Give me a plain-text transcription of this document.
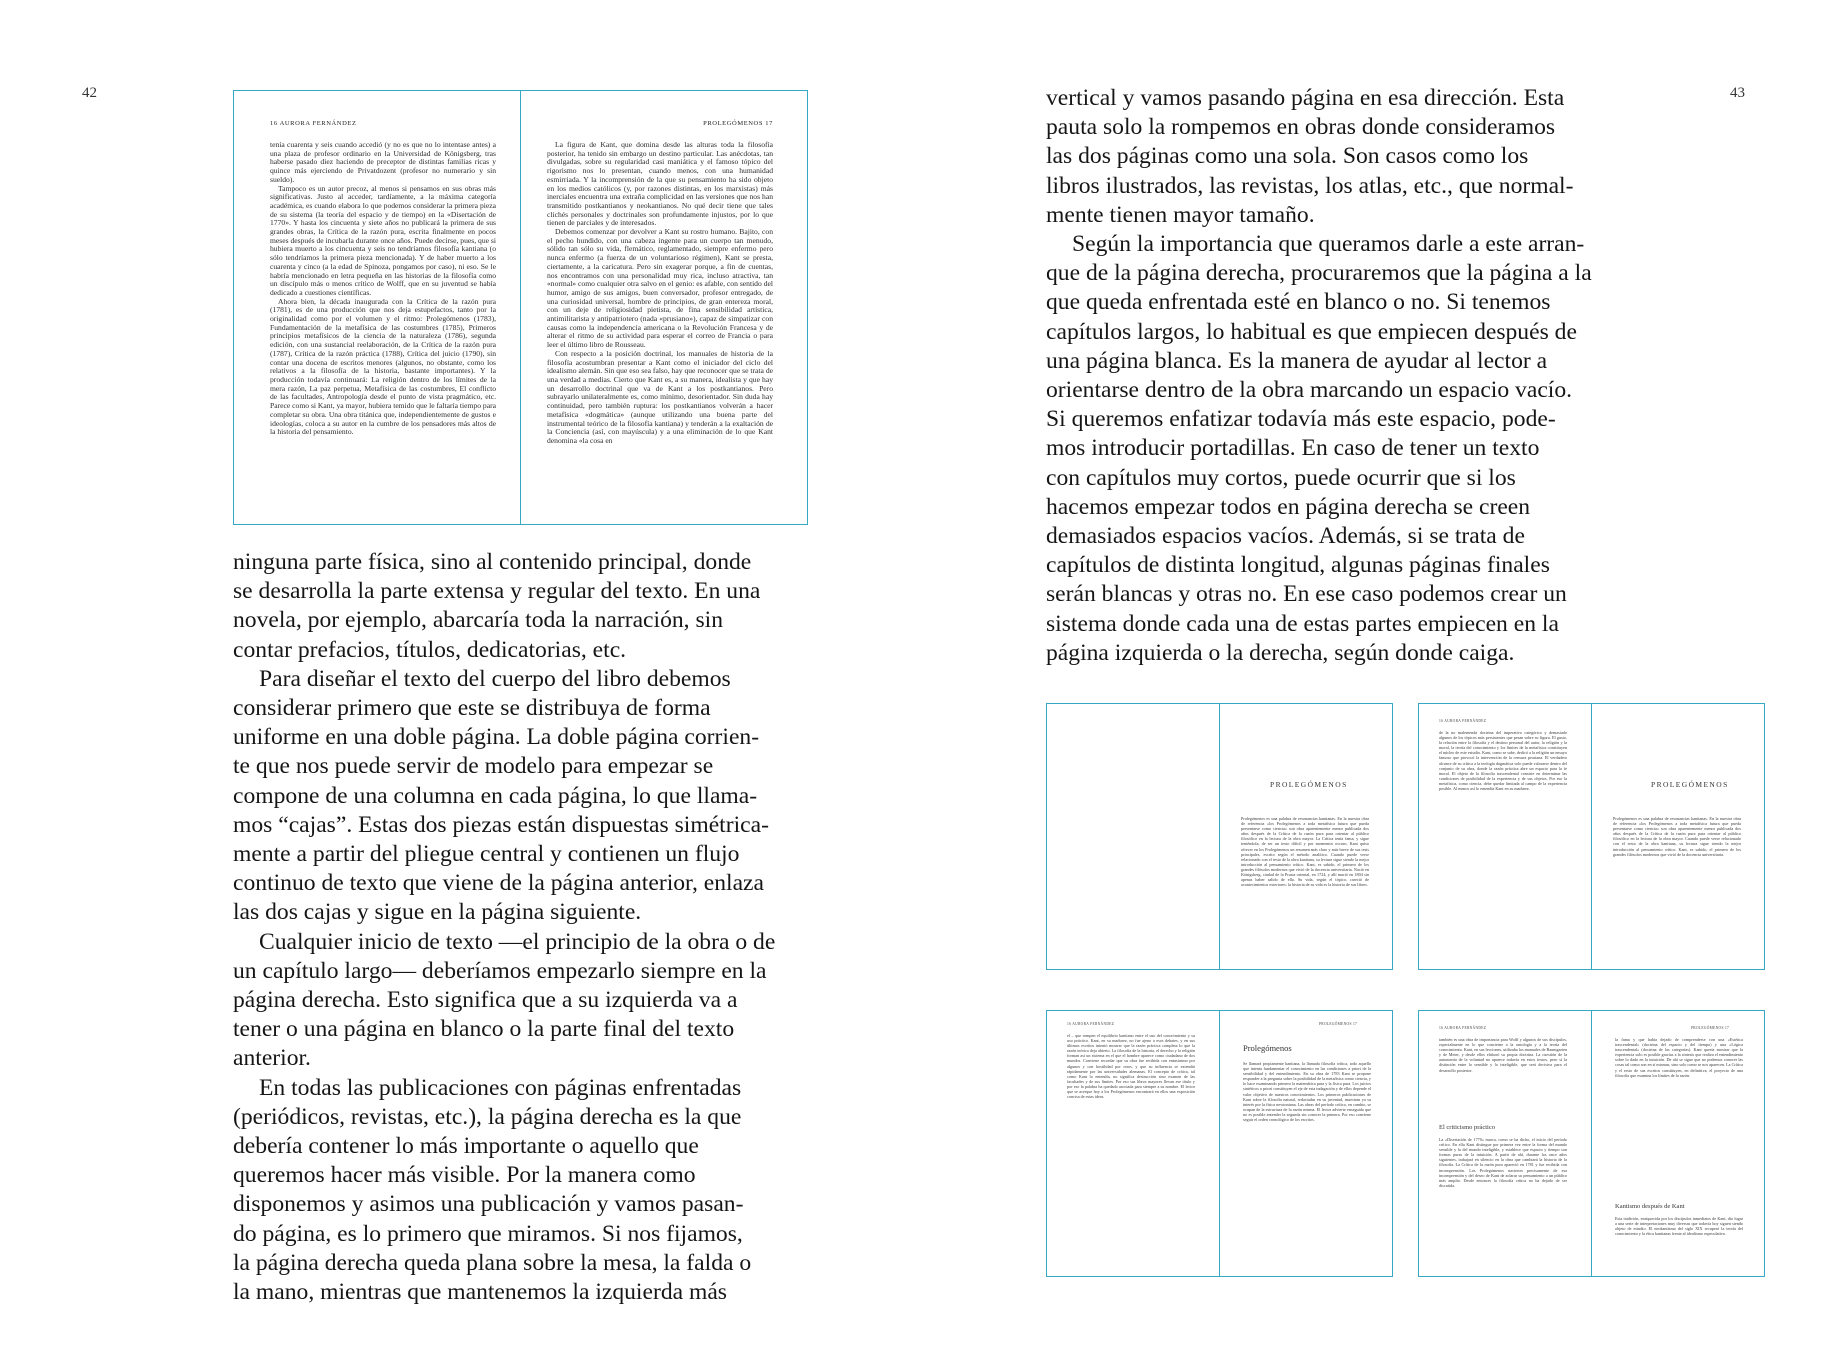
42	43
16 AURORA FERNÁNDEZ

tenía cuarenta y seis cuando accedió (y no es que no lo intentase antes) a una plaza de profesor ordinario en la Universidad de Königsberg, tras haberse pasado diez haciendo de preceptor de distintas familias ricas y quince más ejerciendo de Privatdozent (profesor no numerario y sin sueldo).

Tampoco es un autor precoz, al menos si pensamos en sus obras más significativas. Justo al acceder, tardíamente, a la máxima categoría académica, es cuando elabora lo que podemos considerar la primera pieza de su sistema (la teoría del espacio y de tiempo) en la «Disertación de 1770». Y hasta los cincuenta y siete años no publicará la primera de sus grandes obras, la Crítica de la razón pura, escrita finalmente en pocos meses después de incubarla durante once años. Puede decirse, pues, que si hubiera muerto a los cincuenta y seis no tendríamos filosofía kantiana (o sólo tendríamos la primera pieza mencionada). Y de haber muerto a los cuarenta y cinco (a la edad de Spinoza, pongamos por caso), ni eso. Se le habría mencionado en letra pequeña en las historias de la filosofía como un discípulo más o menos crítico de Wolff, que en su juventud se había dedicado a cuestiones científicas.

Ahora bien, la década inaugurada con la Crítica de la razón pura (1781), es de una producción que nos deja estupefactos, tanto por la originalidad como por el volumen y el ritmo: Prolegómenos (1783), Fundamentación de la metafísica de las costumbres (1785), Primeros principios metafísicos de la ciencia de la naturaleza (1786), segunda edición, con una sustancial reelaboración, de la Crítica de la razón pura (1787), Crítica de la razón práctica (1788), Crítica del juicio (1790), sin contar una docena de escritos menores (algunos, no obstante, como los relativos a la filosofía de la historia, bastante importantes). Y la producción todavía continuará: La religión dentro de los límites de la mera razón, La paz perpetua, Metafísica de las costumbres, El conflicto de las facultades, Antropología desde el punto de vista pragmático, etc. Parece como si Kant, ya mayor, hubiera temido que le faltaría tiempo para completar su obra. Una obra titánica que, independientemente de gustos e ideologías, coloca a su autor en la cumbre de los pensadores más altos de la historia del pensamiento.

PROLEGÓMENOS 17

La figura de Kant, que domina desde las alturas toda la filosofía posterior, ha tenido sin embargo un destino particular. Las anécdotas, tan divulgadas, sobre su regularidad casi maniática y el famoso tópico del rigorismo nos lo presentan, cuando menos, con una humanidad esmirriada. Y la incomprensión de la que su pensamiento ha sido objeto en los medios católicos (y, por razones distintas, en los marxistas) más inerciales encuentra una extraña complicidad en las versiones que nos han transmitido postkantianos y neokantianos. No qué decir tiene que tales clichés personales y doctrinales son profundamente injustos, por lo que tienen de parciales y de interesados.

Debemos comenzar por devolver a Kant su rostro humano. Bajito, con el pecho hundido, con una cabeza ingente para un cuerpo tan menudo, sólido tan sólo su vida, flemático, reglamentado, siempre enfermo pero nunca enfermo (a fuerza de un voluntarioso régimen), Kant se presta, ciertamente, a la caricatura. Pero sin exagerar porque, a fin de cuentas, nos encontramos con una personalidad muy rica, incluso atractiva, tan «normal» como cualquier otra salvo en el genio: es afable, con sentido del humor, amigo de sus amigos, buen conversador, profesor entregado, de una curiosidad universal, hombre de principios, de gran entereza moral, con un deje de religiosidad pietista, de fina sensibilidad artística, antimilitarista y antipatriotero (nada «prusiano»), capaz de simpatizar con causas como la independencia americana o la Revolución Francesa y de alterar el ritmo de su actividad para esperar el correo de Francia o para leer el último libro de Rousseau.

Con respecto a la posición doctrinal, los manuales de historia de la filosofía acostumbran presentar a Kant como el iniciador del ciclo del idealismo alemán. Sin que eso sea falso, hay que reconocer que se trata de una verdad a medias. Cierto que Kant es, a su manera, idealista y que hay un desarrollo doctrinal que va de Kant a los postkantianos. Pero subrayarlo unilateralmente es, como mínimo, desorientador. Sin duda hay continuidad, pero también ruptura: los postkantianos volverán a hacer metafísica «dogmática» (aunque utilizando una buena parte del instrumental teórico de la filosofía kantiana) y tenderán a la exaltación de la Conciencia (así, con mayúscula) y a una eliminación de lo que Kant denomina «la cosa en

ninguna parte física, sino al contenido principal, donde

se desarrolla la parte extensa y regular del texto. En una

novela, por ejemplo, abarcaría toda la narración, sin

contar prefacios, títulos, dedicatorias, etc.

Para diseñar el texto del cuerpo del libro debemos

considerar primero que este se distribuya de forma

uniforme en una doble página. La doble página corrien-

te que nos puede servir de modelo para empezar se

compone de una columna en cada página, lo que llama-

mos “cajas”. Estas dos piezas están dispuestas simétrica-

mente a partir del pliegue central y contienen un flujo

continuo de texto que viene de la página anterior, enlaza

las dos cajas y sigue en la página siguiente.

Cualquier inicio de texto —el principio de la obra o de

un capítulo largo— deberíamos empezarlo siempre en la

página derecha. Esto significa que a su izquierda va a

tener o una página en blanco o la parte final del texto

anterior.

En todas las publicaciones con páginas enfrentadas

(periódicos, revistas, etc.), la página derecha es la que

debería contener lo más importante o aquello que

queremos hacer más visible. Por la manera como

disponemos y asimos una publicación y vamos pasan-

do página, es lo primero que miramos. Si nos fijamos,

la página derecha queda plana sobre la mesa, la falda o

la mano, mientras que mantenemos la izquierda más

vertical y vamos pasando página en esa dirección. Esta

pauta solo la rompemos en obras donde consideramos

las dos páginas como una sola. Son casos como los

libros ilustrados, las revistas, los atlas, etc., que normal-

mente tienen mayor tamaño.

Según la importancia que queramos darle a este arran-

que de la página derecha, procuraremos que la página a la

que queda enfrentada esté en blanco o no. Si tenemos

capítulos largos, lo habitual es que empiecen después de

una página blanca. Es la manera de ayudar al lector a

orientarse dentro de la obra marcando un espacio vacío.

Si queremos enfatizar todavía más este espacio, pode-

mos introducir portadillas. En caso de tener un texto

con capítulos muy cortos, puede ocurrir que si los

hacemos empezar todos en página derecha se creen

demasiados espacios vacíos. Además, si se trata de

capítulos de distinta longitud, algunas páginas finales

serán blancas y otras no. En ese caso podemos crear un

sistema donde cada una de estas partes empiecen en la

página izquierda o la derecha, según donde caiga.

PROLEGÓMENOS
Prolegómenos es una palabra de resonancias kantianas. En la nuestra obra de referencia «los Prolegómenos a toda metafísica futura que pueda presentarse como ciencia» son obra aparentemente menor publicada dos años después de la Crítica de la razón pura para orientar al público filosófico en la lectura de la obra mayor. La Crítica tenía fama, y sigue teniéndola, de ser un texto difícil y por momentos oscuro; Kant quiso ofrecer en los Prolegómenos un resumen más claro y más breve de sus tesis principales, escrito según el método analítico. Cuando puede verse relacionado con el resto de la obra kantiana, su lectura sigue siendo la mejor introducción al pensamiento crítico. Kant, es sabido, el primero de los grandes filósofos modernos que vivió de la docencia universitaria. Nació en Königsberg, ciudad de la Prusia oriental, en 1724, y allí murió en 1804 sin apenas haber salido de ella. Su vida, según el tópico, careció de acontecimientos exteriores: la historia de su vida es la historia de sus libros.
16 AURORA FERNÁNDEZ
de la no malentenda doctrina del imperativo categórico y demasiado algunos de los tópicos más persistentes que pesan sobre su figura. El gusto, la relación entre la filosofía y el destino personal del autor, la religión y la moral, la teoría del conocimiento y los límites de la metafísica constituyen el núcleo de este estudio. Kant, como se sabe, dedicó a la religión un ensayo famoso que provocó la intervención de la censura prusiana. El verdadero alcance de su crítica a la teología dogmática solo puede valorarse dentro del conjunto de su obra, donde la razón práctica abre un espacio para la fe moral. El objeto de la filosofía trascendental consiste en determinar las condiciones de posibilidad de la experiencia y de sus objetos. Por eso la metafísica, como ciencia, debe quedar limitada al campo de la experiencia posible. Al menos así lo entendía Kant en su madurez.	PROLEGÓMENOS
Prolegómenos es una palabra de resonancias kantianas. En la nuestra obra de referencia «los Prolegómenos a toda metafísica futura que pueda presentarse como ciencia» son obra aparentemente menor publicada dos años después de la Crítica de la razón pura para orientar al público filosófico en la lectura de la obra mayor. Cuando puede verse relacionado con el resto de la obra kantiana, su lectura sigue siendo la mejor introducción al pensamiento crítico. Kant, es sabido, el primero de los grandes filósofos modernos que vivió de la docencia universitaria.
16 AURORA FERNÁNDEZ	PROLEGÓMENOS 17
el – que rompen el equilibrio kantiano entre el uso del conocimiento y su uso práctico. Kant, en su madurez, no fue ajeno a esos debates, y en sus últimos escritos intentó mostrar que la razón práctica completa lo que la razón teórica deja abierto. La filosofía de la historia, el derecho y la religión forman así un sistema en el que el hombre aparece como ciudadano de dos mundos. Conviene recordar que su obra fue recibida con entusiasmo por algunos y con hostilidad por otros, y que su influencia se extendió rápidamente por las universidades alemanas. El concepto de crítica, tal como Kant lo entendía, no significa destrucción sino examen de las facultades y de sus límites. Por eso sus libros mayores llevan ese título y por eso la palabra ha quedado asociada para siempre a su nombre. El lector que se acerque hoy a los Prolegómenos encontrará en ellos una exposición concisa de estas ideas.
Prolegómenos
Se llamará propiamente kantiana, la llamada filosofía crítica, todo aquello que intenta fundamentar el conocimiento en las condiciones a priori de la sensibilidad y del entendimiento. En su obra de 1783 Kant se propone responder a la pregunta sobre la posibilidad de la metafísica como ciencia, y lo hace examinando primero la matemática pura y la física pura. Los juicios sintéticos a priori constituyen el eje de esta indagación y de ellos depende el valor objetivo de nuestros conocimientos. Los primeros publicaciones de Kant sobre la filosofía natural, redactadas en su juventud, muestran ya su interés por la física newtoniana. Las obras del período crítico, en cambio, se ocupan de la estructura de la razón misma. El lector advierte enseguida que no es posible entender la segunda sin conocer la primera. Por eso conviene seguir el orden cronológico de los escritos.
16 AURORA FERNÁNDEZ	PROLEGÓMENOS 17
también es una obra de importancia para Wolff y algunos de sus discípulos, especialmente en lo que concierne a la ontología y a la teoría del conocimiento. Kant, en sus lecciones, utilizaba los manuales de Baumgarten y de Meier, y desde ellos elaboró su propia doctrina. La cuestión de la autonomía de la voluntad no aparece todavía en estos textos, pero sí la distinción entre lo sensible y lo inteligible, que será decisiva para el desarrollo posterior.
El criticismo práctico
La «Disertación de 1770» marca, como se ha dicho, el inicio del período crítico. En ella Kant distingue por primera vez entre la forma del mundo sensible y la del mundo inteligible, y establece que espacio y tiempo son formas puras de la intuición. A partir de ahí, durante los once años siguientes, trabajará en silencio en la obra que cambiará la historia de la filosofía. La Crítica de la razón pura apareció en 1781 y fue recibida con incomprensión. Los Prolegómenos nacieron precisamente de esa incomprensión y del deseo de Kant de aclarar su pensamiento a un público más amplio. Desde entonces la filosofía crítica no ha dejado de ser discutida.
la fama y que había dejado de comprenderse con una «Estética trascendental» (doctrina del espacio y del tiempo) y una «Lógica trascendental» (doctrina de las categorías). Kant quería mostrar que la experiencia solo es posible gracias a la síntesis que realiza el entendimiento sobre lo dado en la intuición. De ahí se sigue que no podemos conocer las cosas tal como son en sí mismas, sino solo como se nos aparecen. La Crítica y el resto de sus escritos constituyen, en definitiva, el proyecto de una filosofía que examina los límites de la razón.
Kantismo después de Kant
Esta tradición, enriquecida por los discípulos inmediatos de Kant, dio lugar a una serie de interpretaciones muy diversas que todavía hoy siguen siendo objeto de estudio. El neokantismo del siglo XIX recuperó la teoría del conocimiento y la ética kantianas frente al idealismo especulativo.
